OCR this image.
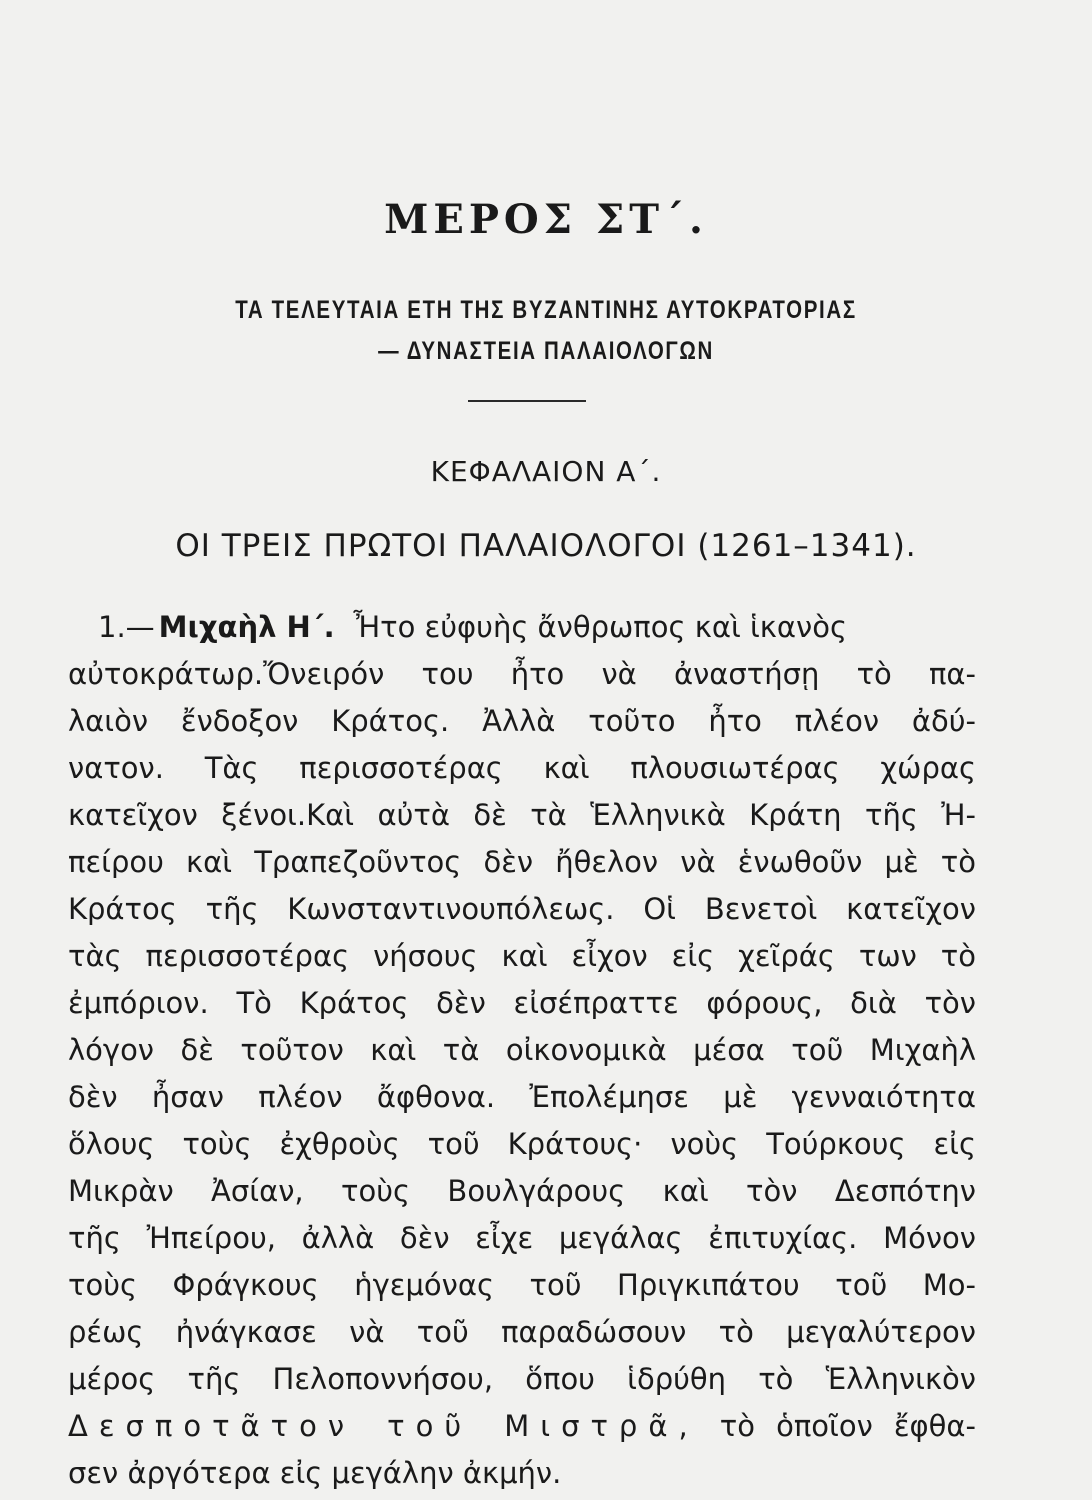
ΜΕΡΟΣ ΣΤ΄.
ΤΑ ΤΕΛΕΥΤΑΙΑ ΕΤΗ ΤΗΣ ΒΥΖΑΝΤΙΝΗΣ ΑΥΤΟΚΡΑΤΟΡΙΑΣ
— ΔΥΝΑΣΤΕΙΑ ΠΑΛΑΙΟΛΟΓΩΝ
ΚΕΦΑΛΑΙΟΝ Α΄.
ΟΙ ΤΡΕΙΣ ΠΡΩΤΟΙ ΠΑΛΑΙΟΛΟΓΟΙ (1261–1341).
1.— Μιχαὴλ Η΄. Ἦτο εὐφυὴς ἄνθρωπος καὶ ἱκανὸς
αὐτοκράτωρ.Ὄνειρόν του ἦτο νὰ ἀναστήσῃ τὸ πα-
λαιὸν ἔνδοξον Κράτος. Ἀλλὰ τοῦτο ἦτο πλέον ἀδύ-
νατον. Τὰς περισσοτέρας καὶ πλουσιωτέρας χώρας
κατεῖχον ξένοι.Καὶ αὐτὰ δὲ τὰ Ἑλληνικὰ Κράτη τῆς Ἠ-
πείρου καὶ Τραπεζοῦντος δὲν ἤθελον νὰ ἑνωθοῦν μὲ τὸ
Κράτος τῆς Κωνσταντινουπόλεως. Οἱ Βενετοὶ κατεῖχον
τὰς περισσοτέρας νήσους καὶ εἶχον εἰς χεῖράς των τὸ
ἐμπόριον. Τὸ Κράτος δὲν εἰσέπραττε φόρους, διὰ τὸν
λόγον δὲ τοῦτον καὶ τὰ οἰκονομικὰ μέσα τοῦ Μιχαὴλ
δὲν ἦσαν πλέον ἄφθονα. Ἐπολέμησε μὲ γενναιότητα
ὅλους τοὺς ἐχθροὺς τοῦ Κράτους· νοὺς Τούρκους εἰς
Μικρὰν Ἀσίαν, τοὺς Βουλγάρους καὶ τὸν Δεσπότην
τῆς Ἠπείρου, ἀλλὰ δὲν εἶχε μεγάλας ἐπιτυχίας. Μόνον
τοὺς Φράγκους ἡγεμόνας τοῦ Πριγκιπάτου τοῦ Μο-
ρέως ἠνάγκασε νὰ τοῦ παραδώσουν τὸ μεγαλύτερον
μέρος τῆς Πελοποννήσου, ὅπου ἱδρύθη τὸ Ἑλληνικὸν
Δεσποτᾶτον τοῦ Μιστρᾶ, τὸ ὁποῖον ἔφθα-
σεν ἀργότερα εἰς μεγάλην ἀκμήν.
